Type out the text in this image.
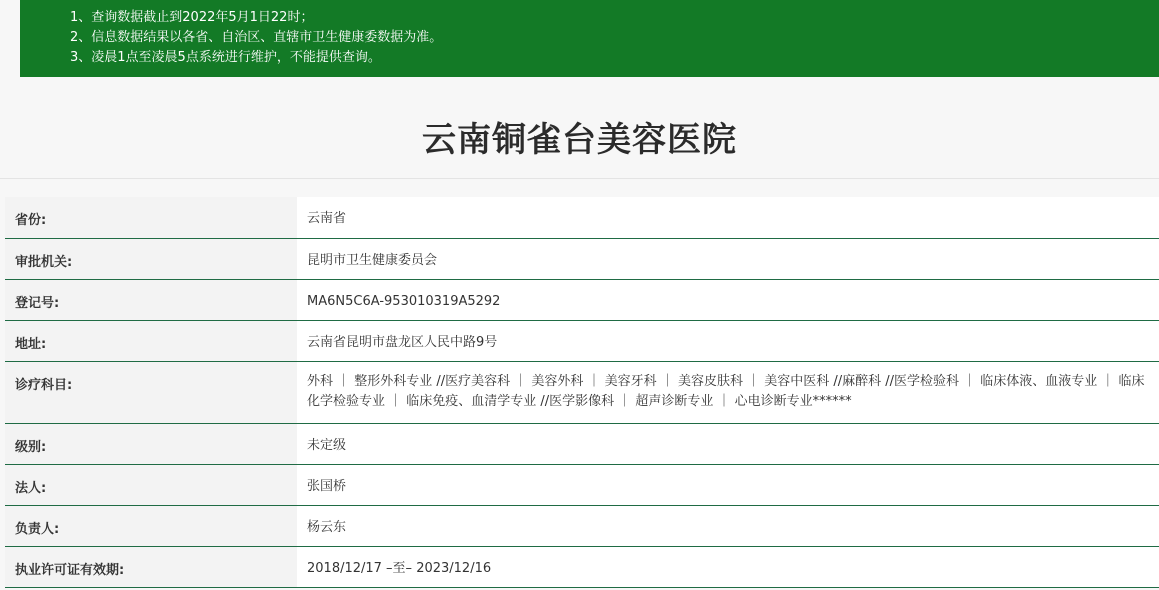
1、查询数据截止到2022年5月1日22时；
2、信息数据结果以各省、自治区、直辖市卫生健康委数据为准。
3、凌晨1点至凌晨5点系统进行维护，不能提供查询。
云南铜雀台美容医院
省份:	云南省
审批机关:	昆明市卫生健康委员会
登记号:	MA6N5C6A-953010319A5292
地址:	云南省昆明市盘龙区人民中路9号
诊疗科目:	外科 ｜ 整形外科专业 //医疗美容科 ｜ 美容外科 ｜ 美容牙科 ｜ 美容皮肤科 ｜ 美容中医科 //麻醉科 //医学检验科 ｜ 临床体液、血液专业 ｜ 临床化学检验专业 ｜ 临床免疫、血清学专业 //医学影像科 ｜ 超声诊断专业 ｜ 心电诊断专业******
级别:	未定级
法人:	张国桥
负责人:	杨云东
执业许可证有效期:	2018/12/17 –至– 2023/12/16
